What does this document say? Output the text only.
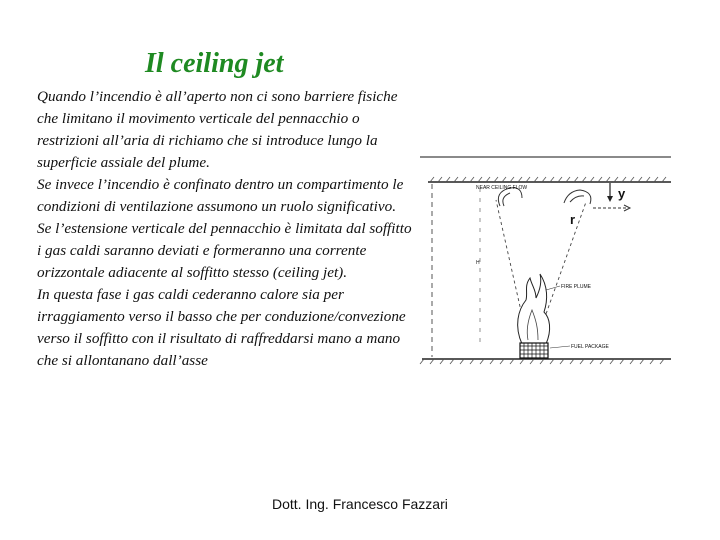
Il ceiling jet

Quando l’incendio è all’aperto non ci sono barriere fisiche che limitano il movimento verticale del pennacchio o restrizioni all’aria di richiamo che si introduce lungo la superficie assiale del plume.

Se invece l’incendio è confinato dentro un compartimento le condizioni di ventilazione assumono un ruolo significativo.

Se l’estensione verticale del pennacchio è limitata dal soffitto i gas caldi saranno deviati e formeranno una corrente orizzontale adiacente al soffitto stesso (ceiling jet).

In questa fase i gas caldi cederanno calore sia per irraggiamento verso il basso che per conduzione/convezione verso il soffitto con il risultato di raffreddarsi mano a mano che si allontanano dall’asse

H
y
r
NEAR CEILING FLOW
FIRE PLUME
FUEL PACKAGE
Dott. Ing. Francesco Fazzari
